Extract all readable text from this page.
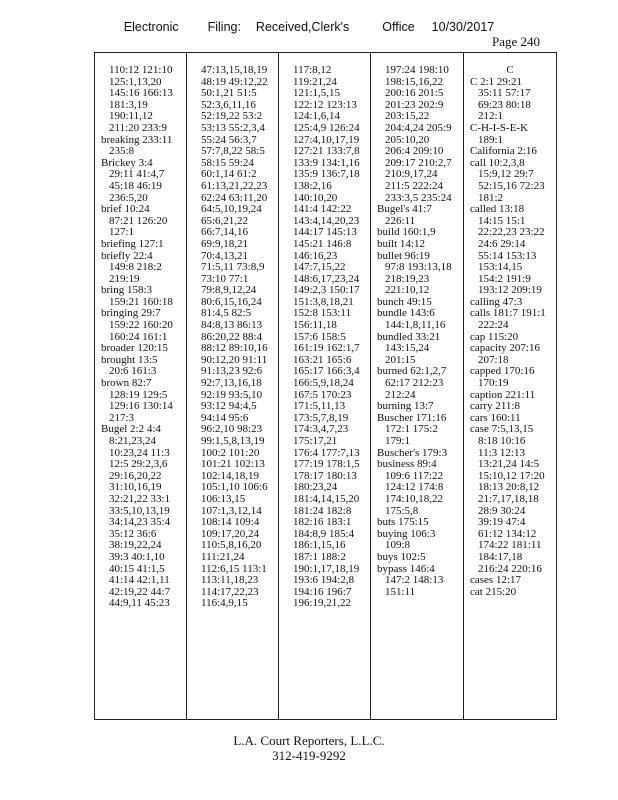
Electronic Filing: Received,Clerk's	Office 10/30/2017
Page 240
110:12 121:10
125:1,13,20
145:16 166:13
181:3,19
190:11,12
211:20 233:9
breaking 233:11
235:8
Brickey 3:4
29:11 41:4,7
45:18 46:19
236:5,20
brief 10:24
87:21 126:20
127:1
briefing 127:1
briefly 22:4
149:8 218:2
219:19
bring 158:3
159:21 160:18
bringing 29:7
159:22 160:20
160:24 161:1
broader 120:15
brought 13:5
20:6 161:3
brown 82:7
128:19 129:5
129:16 130:14
217:3
Bugel 2:2 4:4
8:21,23,24
10:23,24 11:3
12:5 29:2,3,6
29:16,20,22
31:10,16,19
32:21,22 33:1
33:5,10,13,19
34:14,23 35:4
35:12 36:6
38:19,22,24
39:3 40:1,10
40:15 41:1,5
41:14 42:1,11
42:19,22 44:7
44:9,11 45:23
47:13,15,18,19
48:19 49:12,22
50:1,21 51:5
52:3,6,11,16
52:19,22 53:2
53:13 55:2,3,4
55:24 56:3,7
57:7,8,22 58:5
58:15 59:24
60:1,14 61:2
61:13,21,22,23
62:24 63:11,20
64:5,10,19,24
65:6,21,22
66:7,14,16
69:9,18,21
70:4,13,21
71:5,11 73:8,9
73:10 77:1
79:8,9,12,24
80:6,15,16,24
81:4,5 82:5
84:8,13 86:13
86:20,22 88:4
88:12 89:10,16
90:12,20 91:11
91:13,23 92:6
92:7,13,16,18
92:19 93:5,10
93:12 94:4,5
94:14 95:6
96:2,10 98:23
99:1,5,8,13,19
100:2 101:20
101:21 102:13
102:14,18,19
105:1,10 106:6
106:13,15
107:1,3,12,14
108:14 109:4
109:17,20,24
110:5,8,16,20
111:21,24
112:6,15 113:1
113:11,18,23
114:17,22,23
116:4,9,15
117:8,12
119:21,24
121:1,5,15
122:12 123:13
124:1,6,14
125:4,9 126:24
127:4,10,17,19
127:21 133:7,8
133:9 134:1,16
135:9 136:7,18
138:2,16
140:10,20
141:4 142:22
143:4,14,20,23
144:17 145:13
145:21 146:8
146:16,23
147:7,15,22
148:6,17,23,24
149:2,3 150:17
151:3,8,18,21
152:8 153:11
156:11,18
157:6 158:5
161:19 162:1,7
163:21 165:6
165:17 166:3,4
166:5,9,18,24
167:5 170:23
171:5,11,13
173:5,7,8,19
174:3,4,7,23
175:17,21
176:4 177:7,13
177:19 178:1,5
178:17 180:13
180:23,24
181:4,14,15,20
181:24 182:8
182:16 183:1
184:8,9 185:4
186:1,15,16
187:1 188:2
190:1,17,18,19
193:6 194:2,8
194:16 196:7
196:19,21,22
197:24 198:10
198:15,16,22
200:16 201:5
201:23 202:9
203:15,22
204:4,24 205:9
205:10,20
206:4 209:10
209:17 210:2,7
210:9,17,24
211:5 222:24
233:3,5 235:24
Bugel's 41:7
226:11
build 160:1,9
built 14:12
bullet 96:19
97:8 193:13,18
218:19,23
221:10,12
bunch 49:15
bundle 143:6
144:1,8,11,16
bundled 33:21
143:15,24
201:15
burned 62:1,2,7
62:17 212:23
212:24
burning 13:7
Buscher 171:16
172:1 175:2
179:1
Buscher's 179:3
business 89:4
109:6 117:22
124:12 174:8
174:10,18,22
175:5,8
buts 175:15
buying 106:3
109:8
buys 102:5
bypass 146:4
147:2 148:13
151:11
C
C 2:1 29:21
35:11 57:17
69:23 80:18
212:1
C-H-I-S-E-K
189:1
California 2:16
call 10:2,3,8
15:9,12 29:7
52:15,16 72:23
181:2
called 13:18
14:15 15:1
22:22,23 23:22
24:6 29:14
55:14 153:13
153:14,15
154:2 191:9
193:12 209:19
calling 47:3
calls 181:7 191:1
222:24
cap 115:20
capacity 207:16
207:18
capped 170:16
170:19
caption 221:11
carry 211:8
cars 160:11
case 7:5,13,15
8:18 10:16
11:3 12:13
13:21,24 14:5
15:10,12 17:20
18:13 20:8,12
21:7,17,18,18
28:9 30:24
39:19 47:4
61:12 134:12
174:22 181:11
184:17,18
216:24 220:16
cases 12:17
cat 215:20
L.A. Court Reporters, L.L.C.
312-419-9292
